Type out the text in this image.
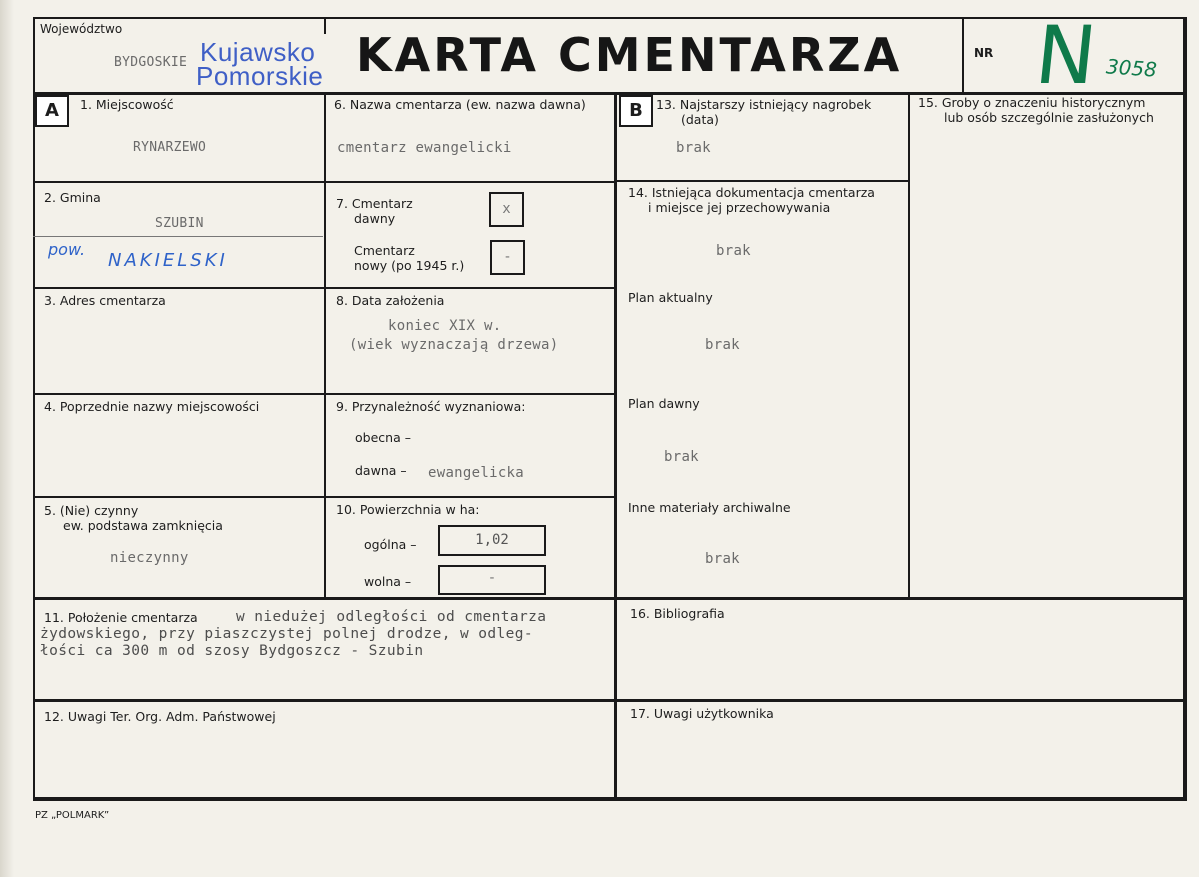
Województwo
BYDGOSKIE Kujawsko
Pomorskie KARTA CMENTARZA	NR N 3058
A	1. Miejscowość
RYNARZEWO
2. Gmina
SZUBIN
pow.
NAKIELSKI
3. Adres cmentarza
4. Poprzednie nazwy miejscowości
5. (Nie) czynny
ew. podstawa zamknięcia
nieczynny
6. Nazwa cmentarza (ew. nazwa dawna)
cmentarz ewangelicki
7. Cmentarz
dawny
x
Cmentarz
nowy (po 1945 r.)
-
8. Data założenia
koniec XIX w.
(wiek wyznaczają drzewa)
9. Przynależność wyznaniowa:
obecna –
dawna – ewangelicka
10. Powierzchnia w ha:
ogólna –	1,02
wolna –	-
B	13. Najstarszy istniejący nagrobek
(data)
brak
14. Istniejąca dokumentacja cmentarza
i miejsce jej przechowywania
brak
Plan aktualny
brak
Plan dawny
brak
Inne materiały archiwalne
brak
15. Groby o znaczeniu historycznym
lub osób szczególnie zasłużonych
11. Położenie cmentarza	w niedużej odległości od cmentarza
żydowskiego, przy piaszczystej polnej drodze, w odleg-
łości ca 300 m od szosy Bydgoszcz - Szubin
16. Bibliografia
12. Uwagi Ter. Org. Adm. Państwowej	17. Uwagi użytkownika
PZ „POLMARK”
